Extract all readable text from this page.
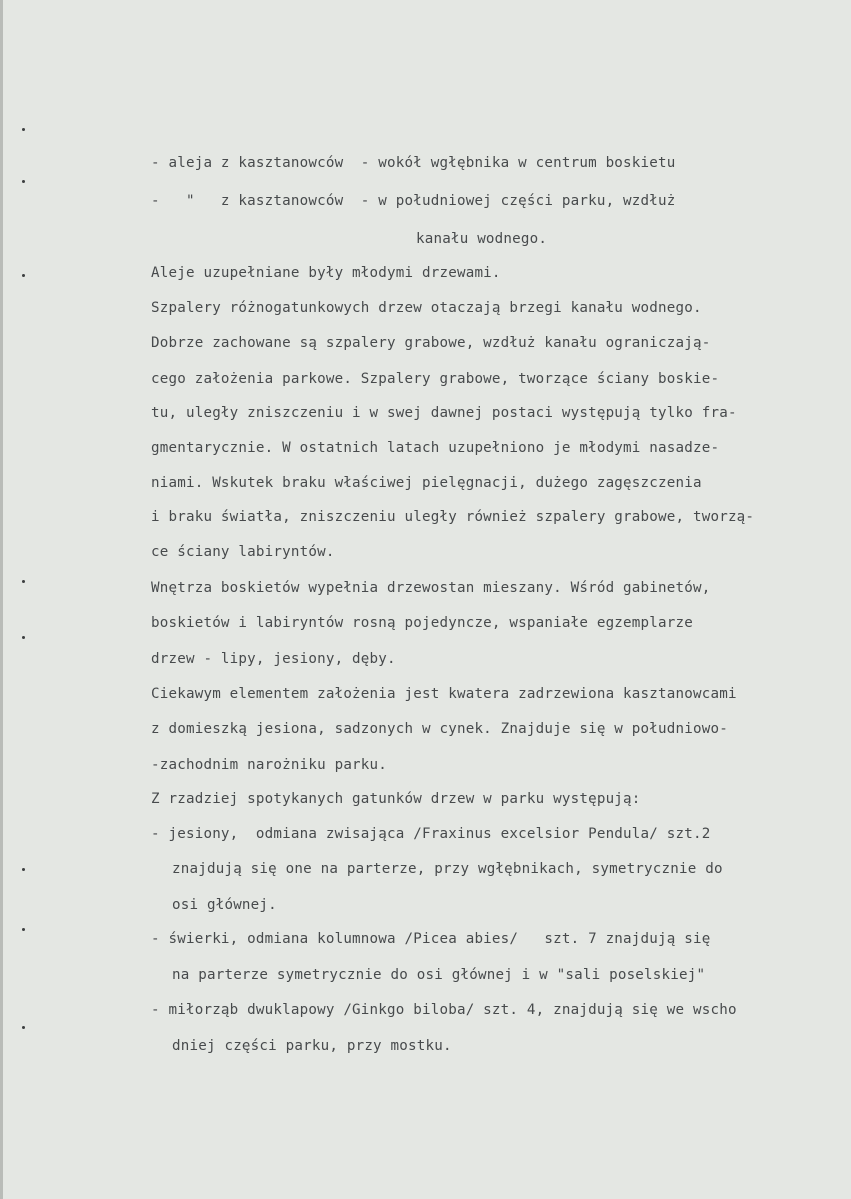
- aleja z kasztanowców  - wokół wgłębnika w centrum boskietu
-   "   z kasztanowców  - w południowej części parku, wzdłuż
kanału wodnego.
Aleje uzupełniane były młodymi drzewami.
Szpalery różnogatunkowych drzew otaczają brzegi kanału wodnego.
Dobrze zachowane są szpalery grabowe, wzdłuż kanału ograniczają-
cego założenia parkowe. Szpalery grabowe, tworzące ściany boskie-
tu, uległy zniszczeniu i w swej dawnej postaci występują tylko fra-
gmentarycznie. W ostatnich latach uzupełniono je młodymi nasadze-
niami. Wskutek braku właściwej pielęgnacji, dużego zagęszczenia
i braku światła, zniszczeniu uległy również szpalery grabowe, tworzą-
ce ściany labiryntów.
Wnętrza boskietów wypełnia drzewostan mieszany. Wśród gabinetów,
boskietów i labiryntów rosną pojedyncze, wspaniałe egzemplarze
drzew - lipy, jesiony, dęby.
Ciekawym elementem założenia jest kwatera zadrzewiona kasztanowcami
z domieszką jesiona, sadzonych w cynek. Znajduje się w południowo-
-zachodnim narożniku parku.
Z rzadziej spotykanych gatunków drzew w parku występują:
- jesiony,  odmiana zwisająca /Fraxinus excelsior Pendula/ szt.2
znajdują się one na parterze, przy wgłębnikach, symetrycznie do
osi głównej.
- świerki, odmiana kolumnowa /Picea abies/   szt. 7 znajdują się
na parterze symetrycznie do osi głównej i w "sali poselskiej"
- miłorząb dwuklapowy /Ginkgo biloba/ szt. 4, znajdują się we wscho
dniej części parku, przy mostku.
